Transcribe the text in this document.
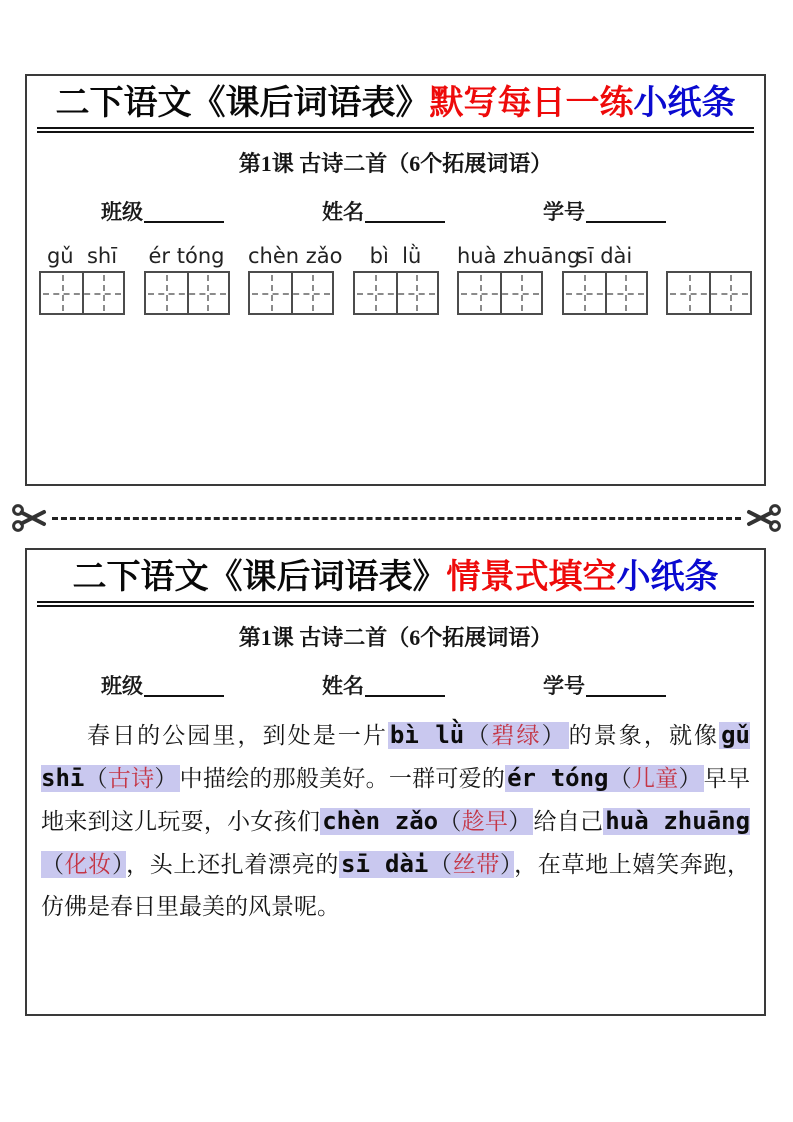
二下语文《课后词语表》默写每日一练小纸条
第1课 古诗二首（6个拓展词语）
班级	姓名	学号
gǔ  shī	ér tóng chèn zǎo	bì  lǜ	huà zhuāng
sī dài
二下语文《课后词语表》情景式填空小纸条
第1课 古诗二首（6个拓展词语）
班级	姓名	学号

春日的公园里，到处是一片bì lǜ（碧绿）的景象，就像gǔ shī（古诗）中描绘的那般美好。一群可爱的ér tóng（儿童）早早地来到这儿玩耍，小女孩们chèn zǎo（趁早）给自己huà zhuāng（化妆），头上还扎着漂亮的sī dài（丝带），在草地上嬉笑奔跑，仿佛是春日里最美的风景呢。
